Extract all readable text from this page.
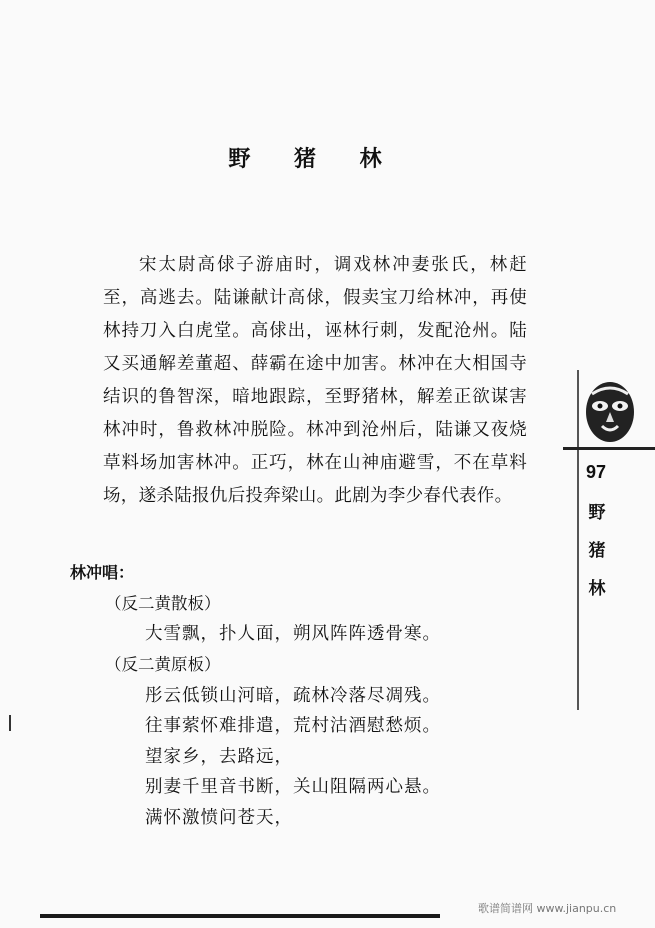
野 猪 林

宋太尉高俅子游庙时，调戏林冲妻张氏，林赶至，高逃去。陆谦献计高俅，假卖宝刀给林冲，再使林持刀入白虎堂。高俅出，诬林行刺，发配沧州。陆又买通解差董超、薛霸在途中加害。林冲在大相国寺结识的鲁智深，暗地跟踪，至野猪林，解差正欲谋害林冲时，鲁救林冲脱险。林冲到沧州后，陆谦又夜烧草料场加害林冲。正巧，林在山神庙避雪，不在草料场，遂杀陆报仇后投奔梁山。此剧为李少春代表作。

林冲唱：
（反二黄散板）
大雪飘，扑人面，朔风阵阵透骨寒。
（反二黄原板）
彤云低锁山河暗，疏林冷落尽凋残。
往事萦怀难排遣，荒村沽酒慰愁烦。
望家乡，去路远，
别妻千里音书断，关山阻隔两心悬。
满怀激愤问苍天，
97
野
猪
林
歌谱简谱网 www.jianpu.cn
